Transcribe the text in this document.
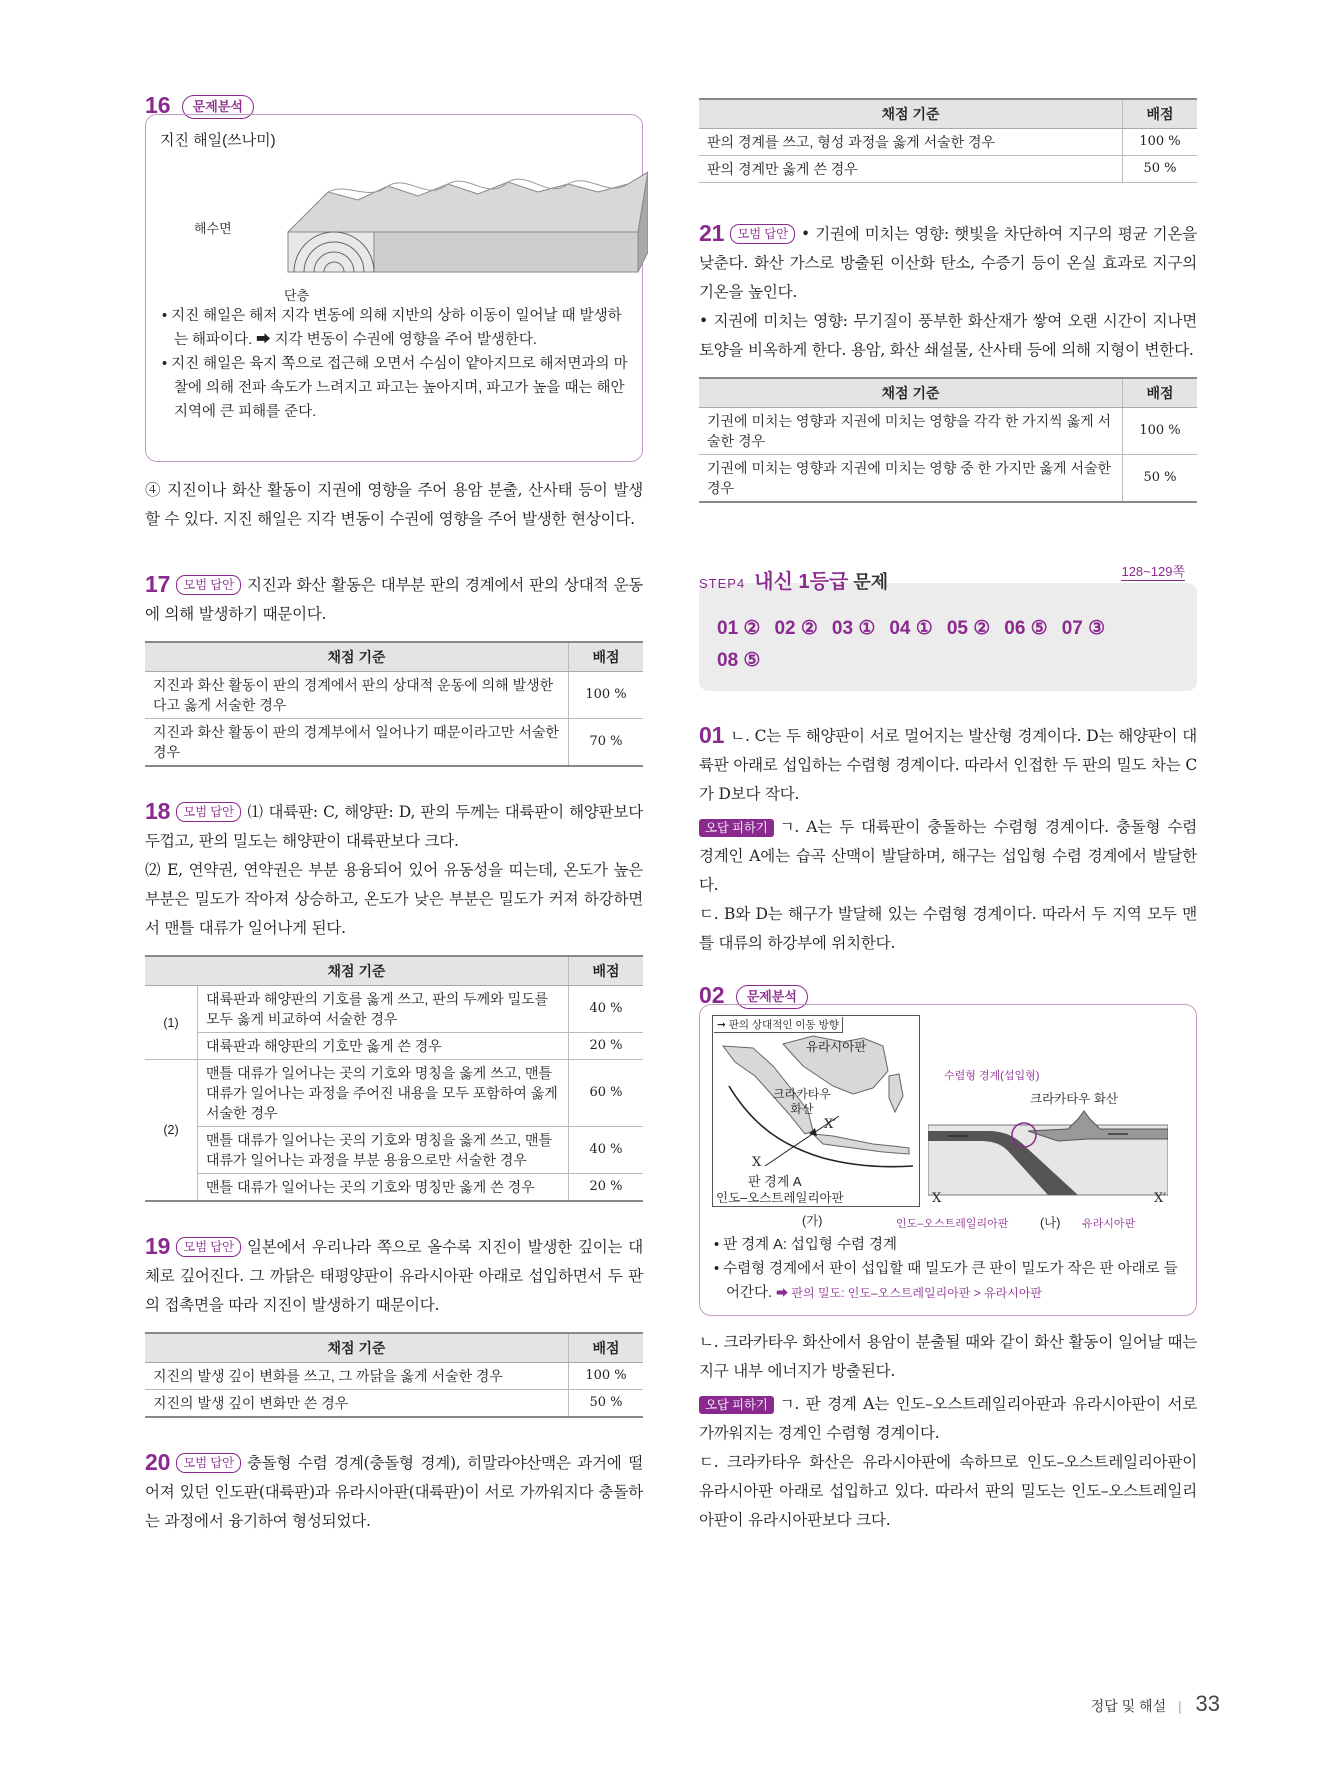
16 문제분석
지진 해일(쓰나미)
해수면
단층

• 지진 해일은 해저 지각 변동에 의해 지반의 상하 이동이 일어날 때 발생하는 해파이다. ➡ 지각 변동이 수권에 영향을 주어 발생한다.

• 지진 해일은 육지 쪽으로 접근해 오면서 수심이 얕아지므로 해저면과의 마찰에 의해 전파 속도가 느려지고 파고는 높아지며, 파고가 높을 때는 해안 지역에 큰 피해를 준다.

④ 지진이나 화산 활동이 지권에 영향을 주어 용암 분출, 산사태 등이 발생할 수 있다. 지진 해일은 지각 변동이 수권에 영향을 주어 발생한 현상이다.

17 모범 답안 지진과 화산 활동은 대부분 판의 경계에서 판의 상대적 운동에 의해 발생하기 때문이다.

채점 기준	배점
지진과 화산 활동이 판의 경계에서 판의 상대적 운동에 의해 발생한다고 옳게 서술한 경우	100 %
지진과 화산 활동이 판의 경계부에서 일어나기 때문이라고만 서술한 경우	70 %

18 모범 답안 ⑴ 대륙판: C, 해양판: D, 판의 두께는 대륙판이 해양판보다 두껍고, 판의 밀도는 해양판이 대륙판보다 크다.

⑵ E, 연약권, 연약권은 부분 용융되어 있어 유동성을 띠는데, 온도가 높은 부분은 밀도가 작아져 상승하고, 온도가 낮은 부분은 밀도가 커져 하강하면서 맨틀 대류가 일어나게 된다.

채점 기준		배점
(1)	대륙판과 해양판의 기호를 옳게 쓰고, 판의 두께와 밀도를 모두 옳게 비교하여 서술한 경우	40 %
	대륙판과 해양판의 기호만 옳게 쓴 경우	20 %
(2)	맨틀 대류가 일어나는 곳의 기호와 명칭을 옳게 쓰고, 맨틀 대류가 일어나는 과정을 주어진 내용을 모두 포함하여 옳게 서술한 경우	60 %
	맨틀 대류가 일어나는 곳의 기호와 명칭을 옳게 쓰고, 맨틀 대류가 일어나는 과정을 부분 용융으로만 서술한 경우	40 %
	맨틀 대류가 일어나는 곳의 기호와 명칭만 옳게 쓴 경우	20 %

19 모범 답안 일본에서 우리나라 쪽으로 올수록 지진이 발생한 깊이는 대체로 깊어진다. 그 까닭은 태평양판이 유라시아판 아래로 섭입하면서 두 판의 접촉면을 따라 지진이 발생하기 때문이다.

채점 기준	배점
지진의 발생 깊이 변화를 쓰고, 그 까닭을 옳게 서술한 경우	100 %
지진의 발생 깊이 변화만 쓴 경우	50 %

20 모범 답안 충돌형 수렴 경계(충돌형 경계), 히말라야산맥은 과거에 떨어져 있던 인도판(대륙판)과 유라시아판(대륙판)이 서로 가까워지다 충돌하는 과정에서 융기하여 형성되었다.

채점 기준	배점
판의 경계를 쓰고, 형성 과정을 옳게 서술한 경우	100 %
판의 경계만 옳게 쓴 경우	50 %

21 모범 답안 • 기권에 미치는 영향: 햇빛을 차단하여 지구의 평균 기온을 낮춘다. 화산 가스로 방출된 이산화 탄소, 수증기 등이 온실 효과로 지구의 기온을 높인다.

• 지권에 미치는 영향: 무기질이 풍부한 화산재가 쌓여 오랜 시간이 지나면 토양을 비옥하게 한다. 용암, 화산 쇄설물, 산사태 등에 의해 지형이 변한다.

채점 기준	배점
기권에 미치는 영향과 지권에 미치는 영향을 각각 한 가지씩 옳게 서술한 경우	100 %
기권에 미치는 영향과 지권에 미치는 영향 중 한 가지만 옳게 서술한 경우	50 %
STEP4 내신 1등급 문제
128~129쪽
01 ② 02 ② 03 ① 04 ① 05 ② 06 ⑤ 07 ③
08 ⑤

01 ㄴ. C는 두 해양판이 서로 멀어지는 발산형 경계이다. D는 해양판이 대륙판 아래로 섭입하는 수렴형 경계이다. 따라서 인접한 두 판의 밀도 차는 C가 D보다 작다.

오답 피하기 ㄱ. A는 두 대륙판이 충돌하는 수렴형 경계이다. 충돌형 수렴 경계인 A에는 습곡 산맥이 발달하며, 해구는 섭입형 수렴 경계에서 발달한다.

ㄷ. B와 D는 해구가 발달해 있는 수렴형 경계이다. 따라서 두 지역 모두 맨틀 대류의 하강부에 위치한다.

02 문제분석
➞ 판의 상대적인 이동 방향
유라시아판
크라카타우 화산
X′
X
판 경계 A
인도–오스트레일리아판
(가)
수렴형 경계(섭입형)
크라카타우 화산
X	X′
인도–오스트레일리아판	(나) 유라시아판

• 판 경계 A: 섭입형 수렴 경계

• 수렴형 경계에서 판이 섭입할 때 밀도가 큰 판이 밀도가 작은 판 아래로 들어간다. ➡ 판의 밀도: 인도–오스트레일리아판 > 유라시아판

ㄴ. 크라카타우 화산에서 용암이 분출될 때와 같이 화산 활동이 일어날 때는 지구 내부 에너지가 방출된다.

오답 피하기 ㄱ. 판 경계 A는 인도–오스트레일리아판과 유라시아판이 서로 가까워지는 경계인 수렴형 경계이다.

ㄷ. 크라카타우 화산은 유라시아판에 속하므로 인도–오스트레일리아판이 유라시아판 아래로 섭입하고 있다. 따라서 판의 밀도는 인도–오스트레일리아판이 유라시아판보다 크다.

정답 및 해설 | 33
